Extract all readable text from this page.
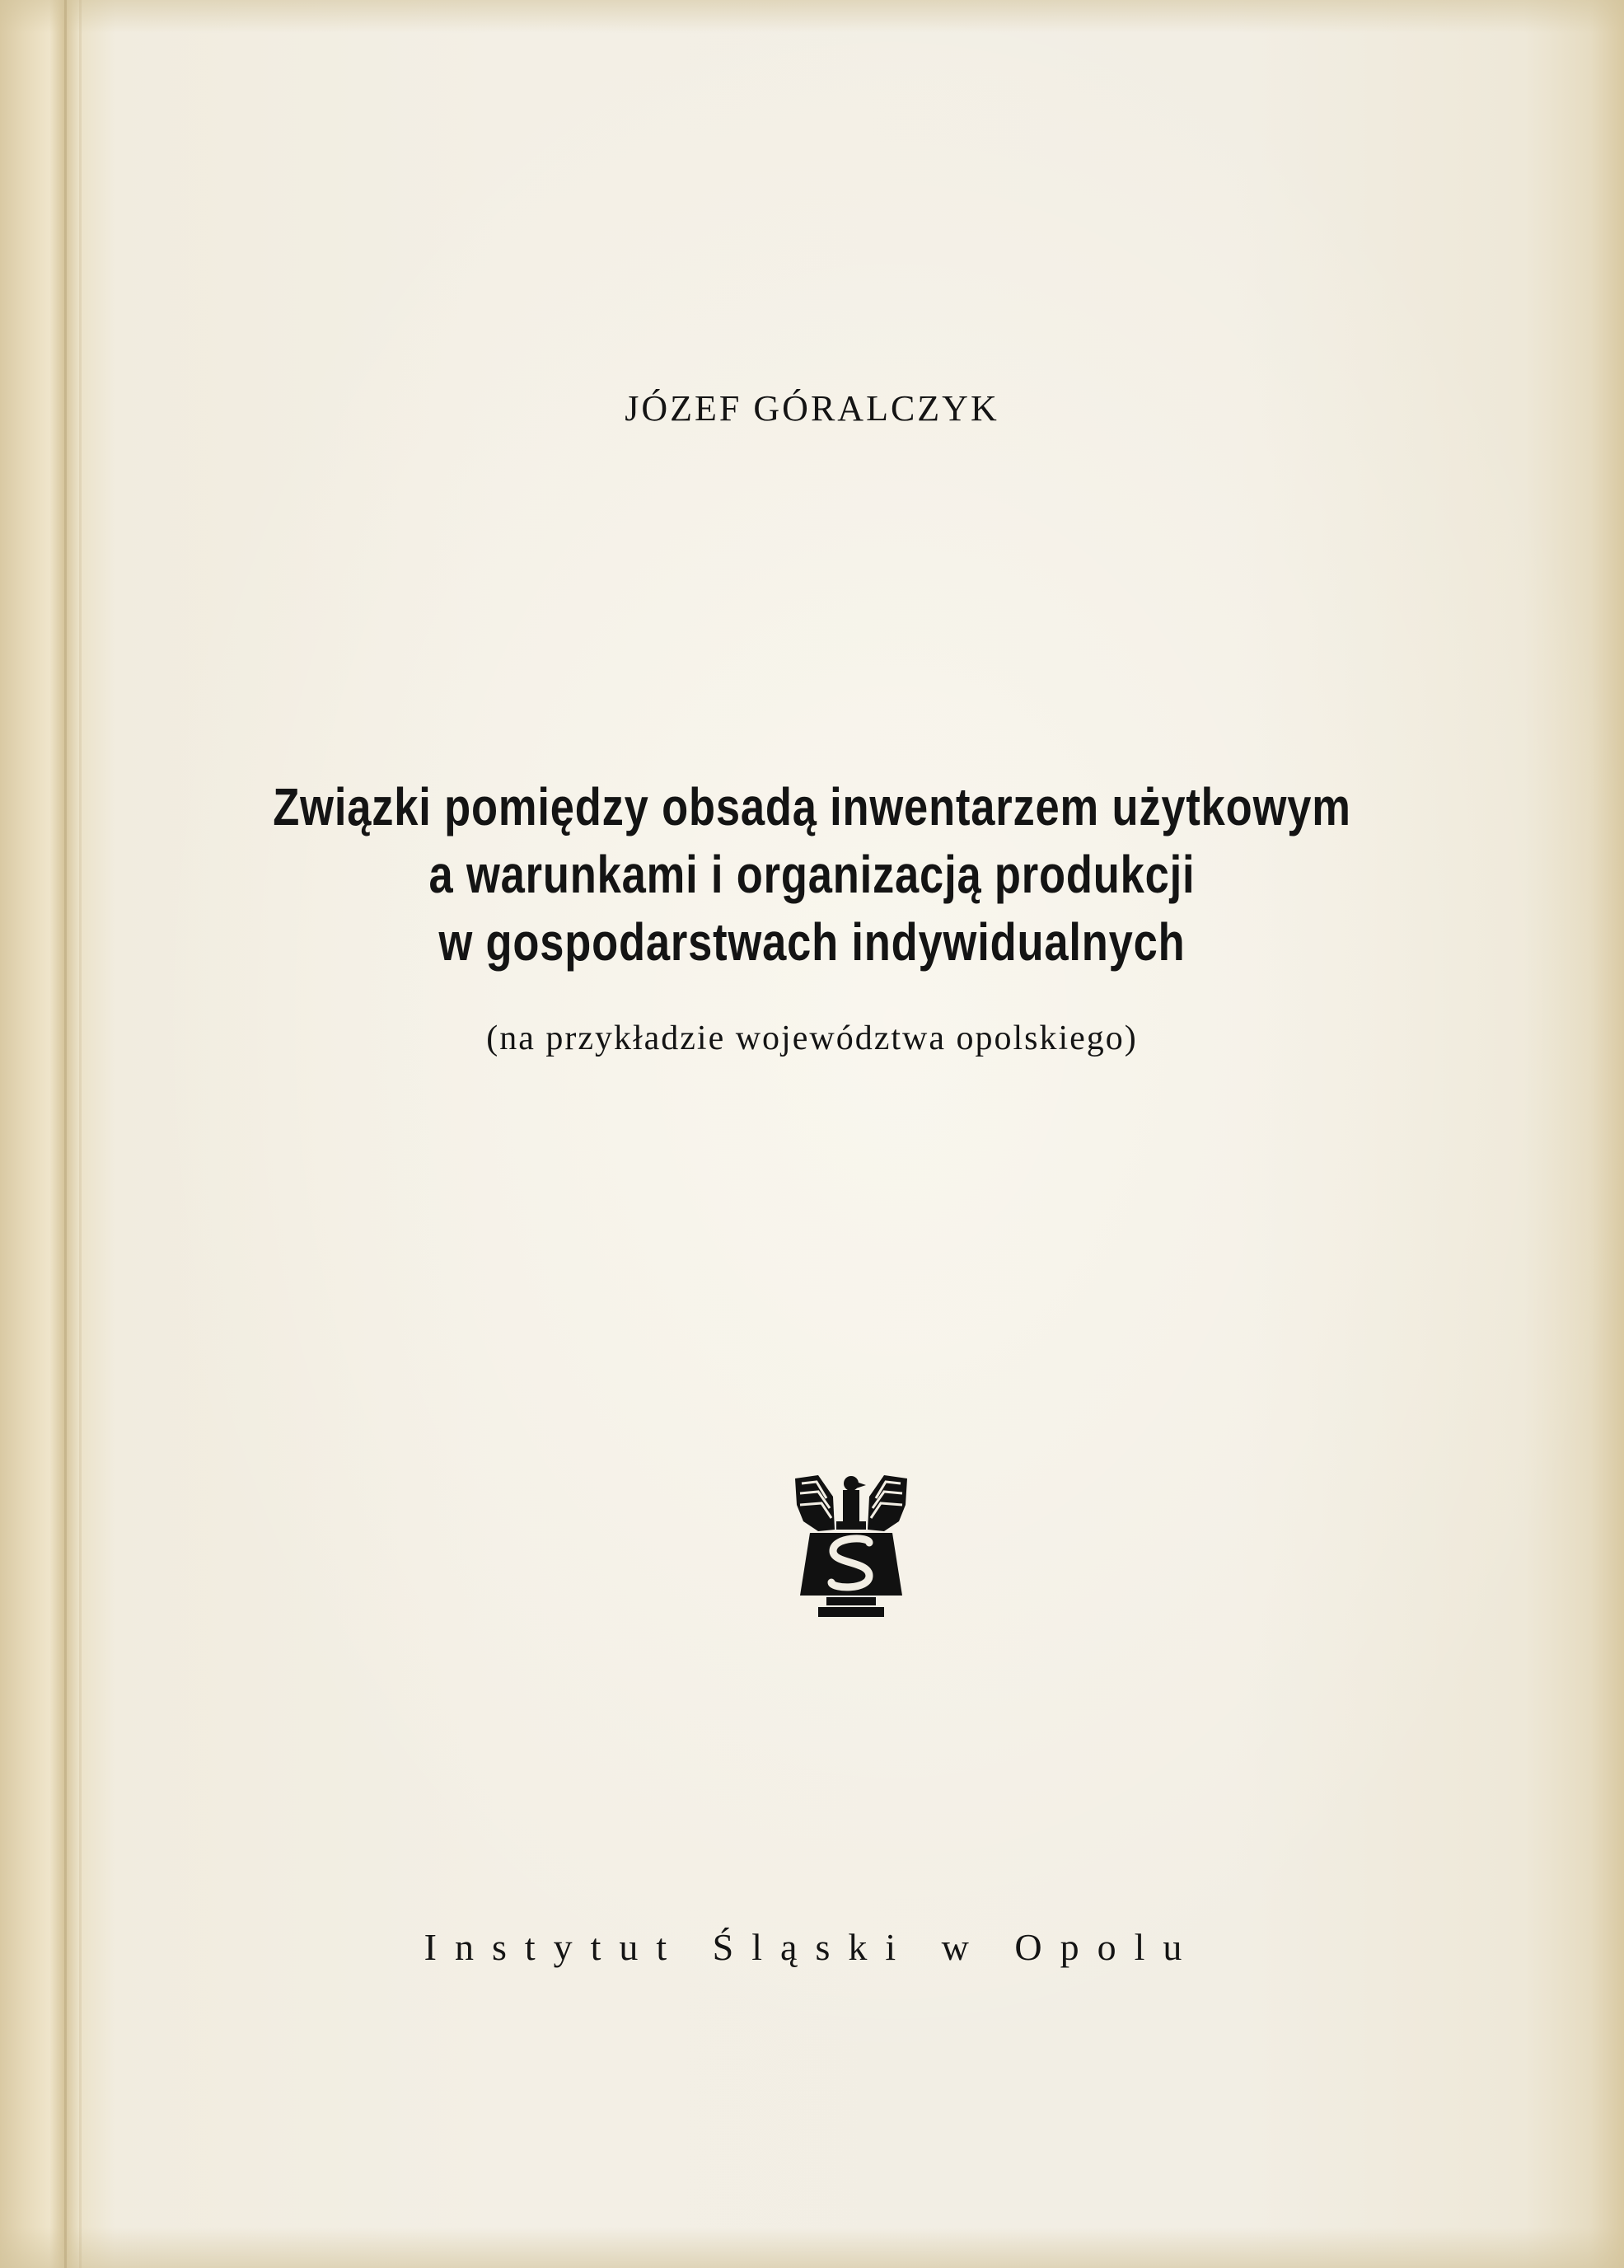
JÓZEF GÓRALCZYK
Związki pomiędzy obsadą inwentarzem użytkowym
a warunkami i organizacją produkcji
w gospodarstwach indywidualnych
(na przykładzie województwa opolskiego)
Instytut Śląski w Opolu
